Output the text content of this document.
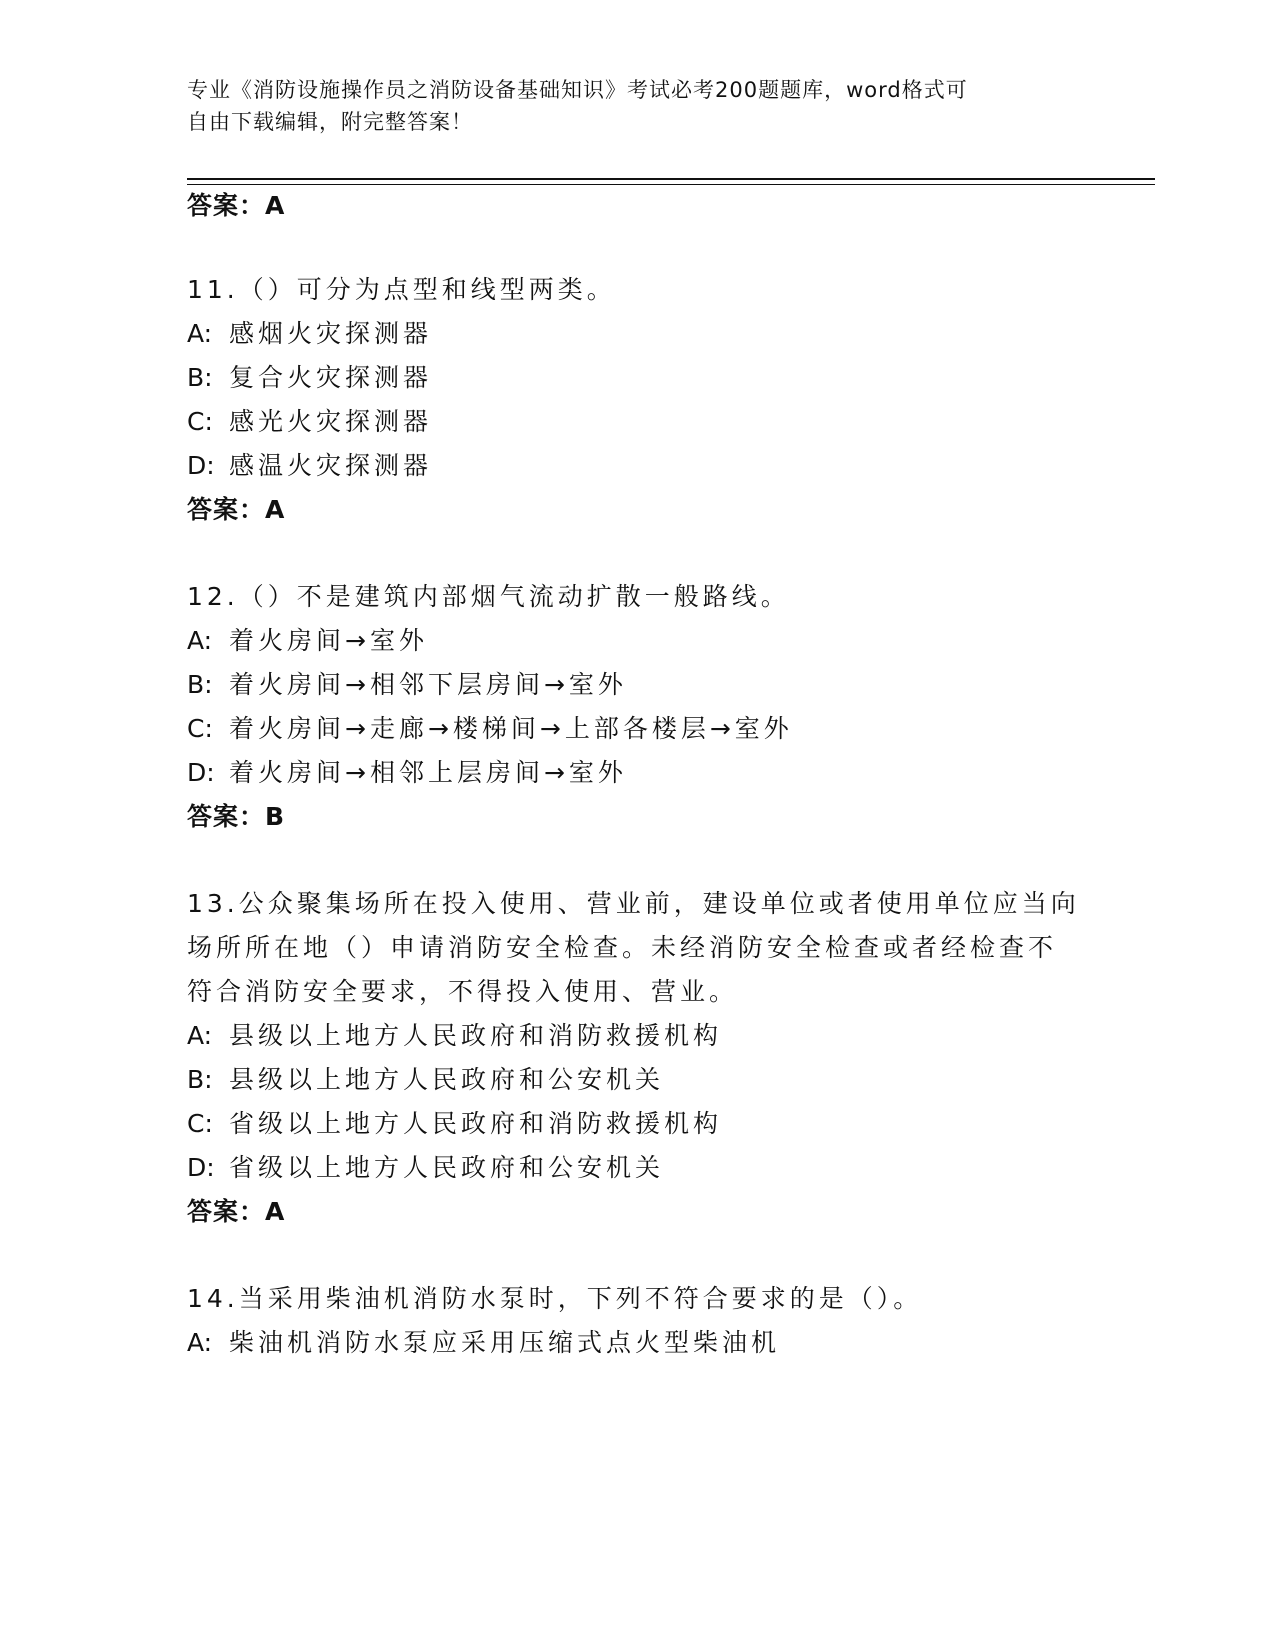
专业《消防设施操作员之消防设备基础知识》考试必考200题题库，word格式可
自由下载编辑，附完整答案！
答案：A
11.（）可分为点型和线型两类。
A: 感烟火灾探测器
B: 复合火灾探测器
C: 感光火灾探测器
D: 感温火灾探测器
答案：A
12.（）不是建筑内部烟气流动扩散一般路线。
A: 着火房间→室外
B: 着火房间→相邻下层房间→室外
C: 着火房间→走廊→楼梯间→上部各楼层→室外
D: 着火房间→相邻上层房间→室外
答案：B
13.公众聚集场所在投入使用、营业前，建设单位或者使用单位应当向
场所所在地（）申请消防安全检查。未经消防安全检查或者经检查不
符合消防安全要求，不得投入使用、营业。
A: 县级以上地方人民政府和消防救援机构
B: 县级以上地方人民政府和公安机关
C: 省级以上地方人民政府和消防救援机构
D: 省级以上地方人民政府和公安机关
答案：A
14.当采用柴油机消防水泵时，下列不符合要求的是（）。
A: 柴油机消防水泵应采用压缩式点火型柴油机
